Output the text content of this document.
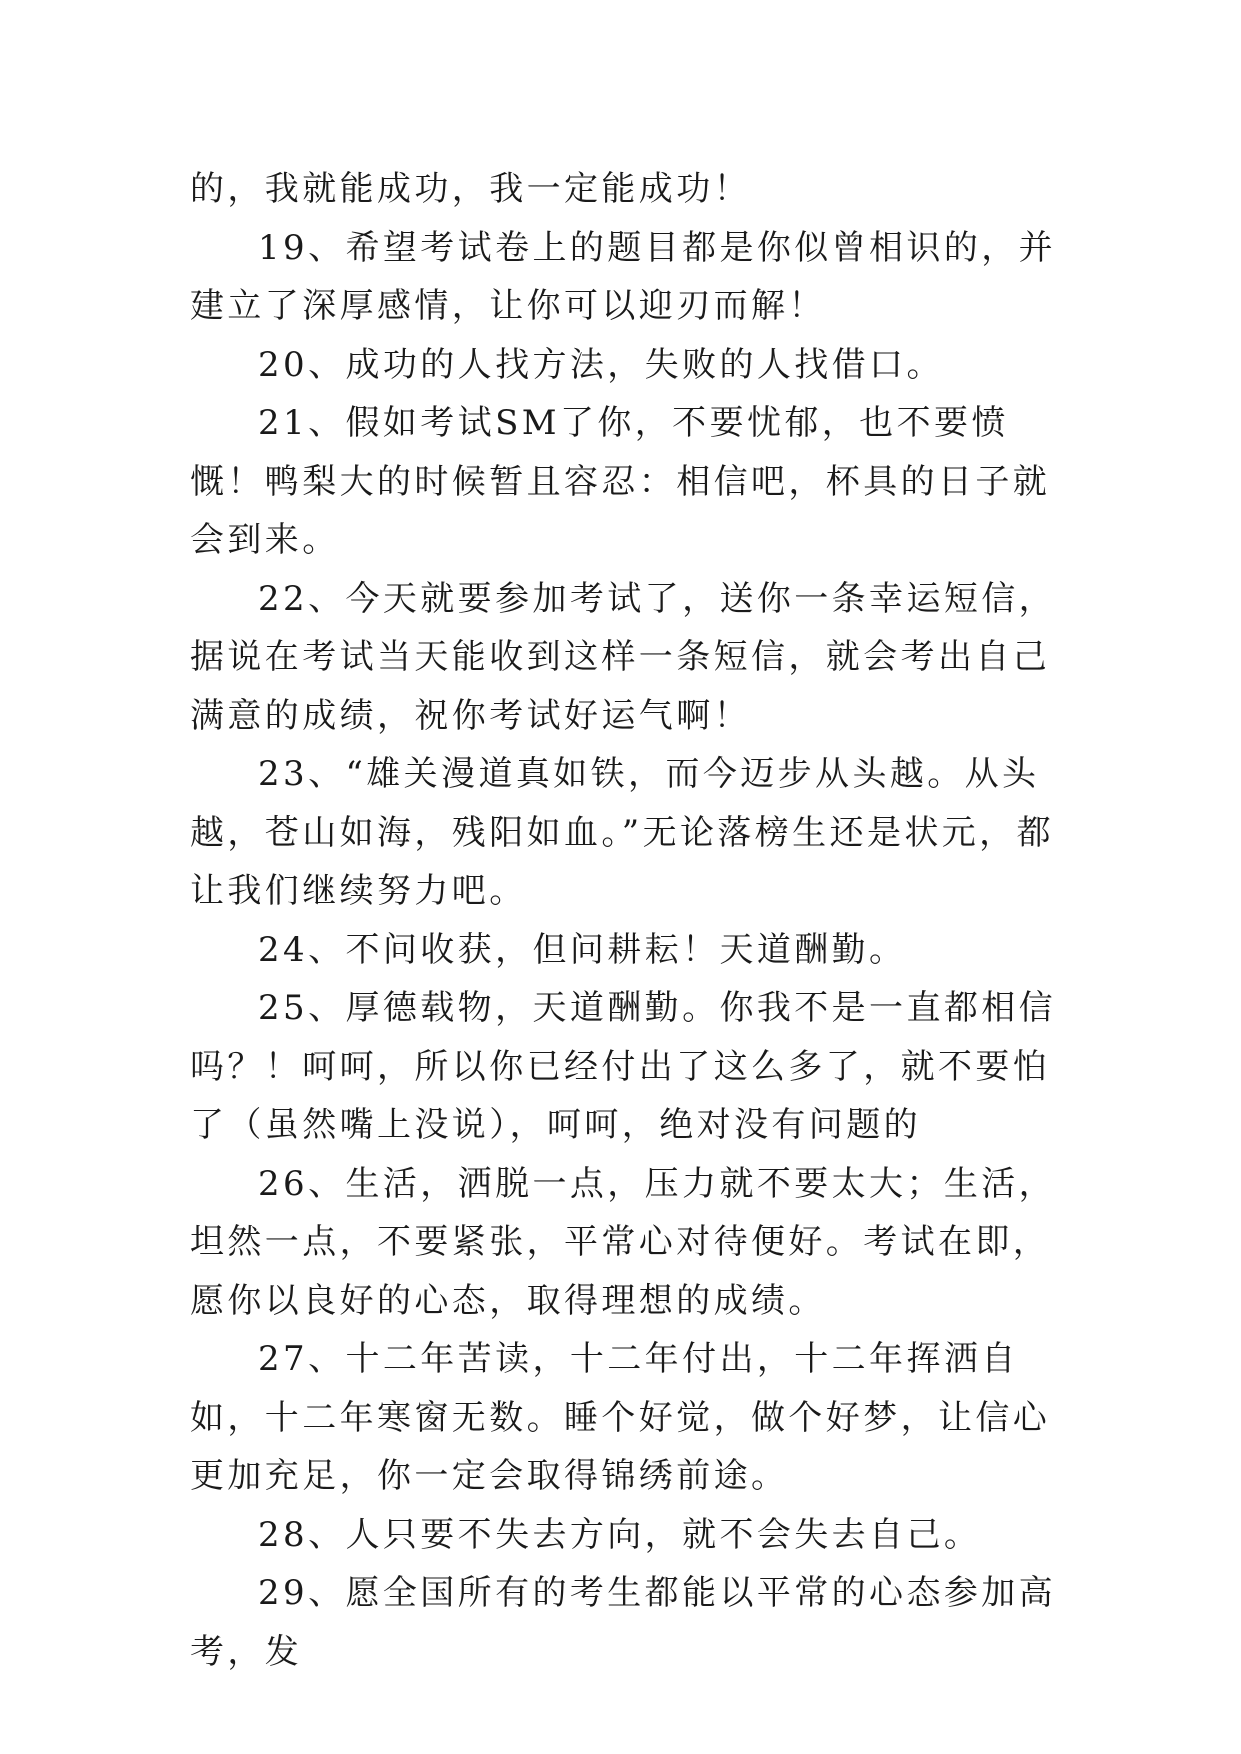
的，我就能成功，我一定能成功！

19、希望考试卷上的题目都是你似曾相识的，并建立了深厚感情，让你可以迎刃而解！

20、成功的人找方法，失败的人找借口。

21、假如考试SM了你，不要忧郁，也不要愤慨！鸭梨大的时候暂且容忍：相信吧，杯具的日子就会到来。

22、今天就要参加考试了，送你一条幸运短信，据说在考试当天能收到这样一条短信，就会考出自己满意的成绩，祝你考试好运气啊！

23、“雄关漫道真如铁，而今迈步从头越。从头越，苍山如海，残阳如血。”无论落榜生还是状元，都让我们继续努力吧。

24、不问收获，但问耕耘！天道酬勤。

25、厚德载物，天道酬勤。你我不是一直都相信吗？！呵呵，所以你已经付出了这么多了，就不要怕了（虽然嘴上没说），呵呵，绝对没有问题的

26、生活，洒脱一点，压力就不要太大；生活，坦然一点，不要紧张，平常心对待便好。考试在即，愿你以良好的心态，取得理想的成绩。

27、十二年苦读，十二年付出，十二年挥洒自如，十二年寒窗无数。睡个好觉，做个好梦，让信心更加充足，你一定会取得锦绣前途。

28、人只要不失去方向，就不会失去自己。

29、愿全国所有的考生都能以平常的心态参加高考，发
